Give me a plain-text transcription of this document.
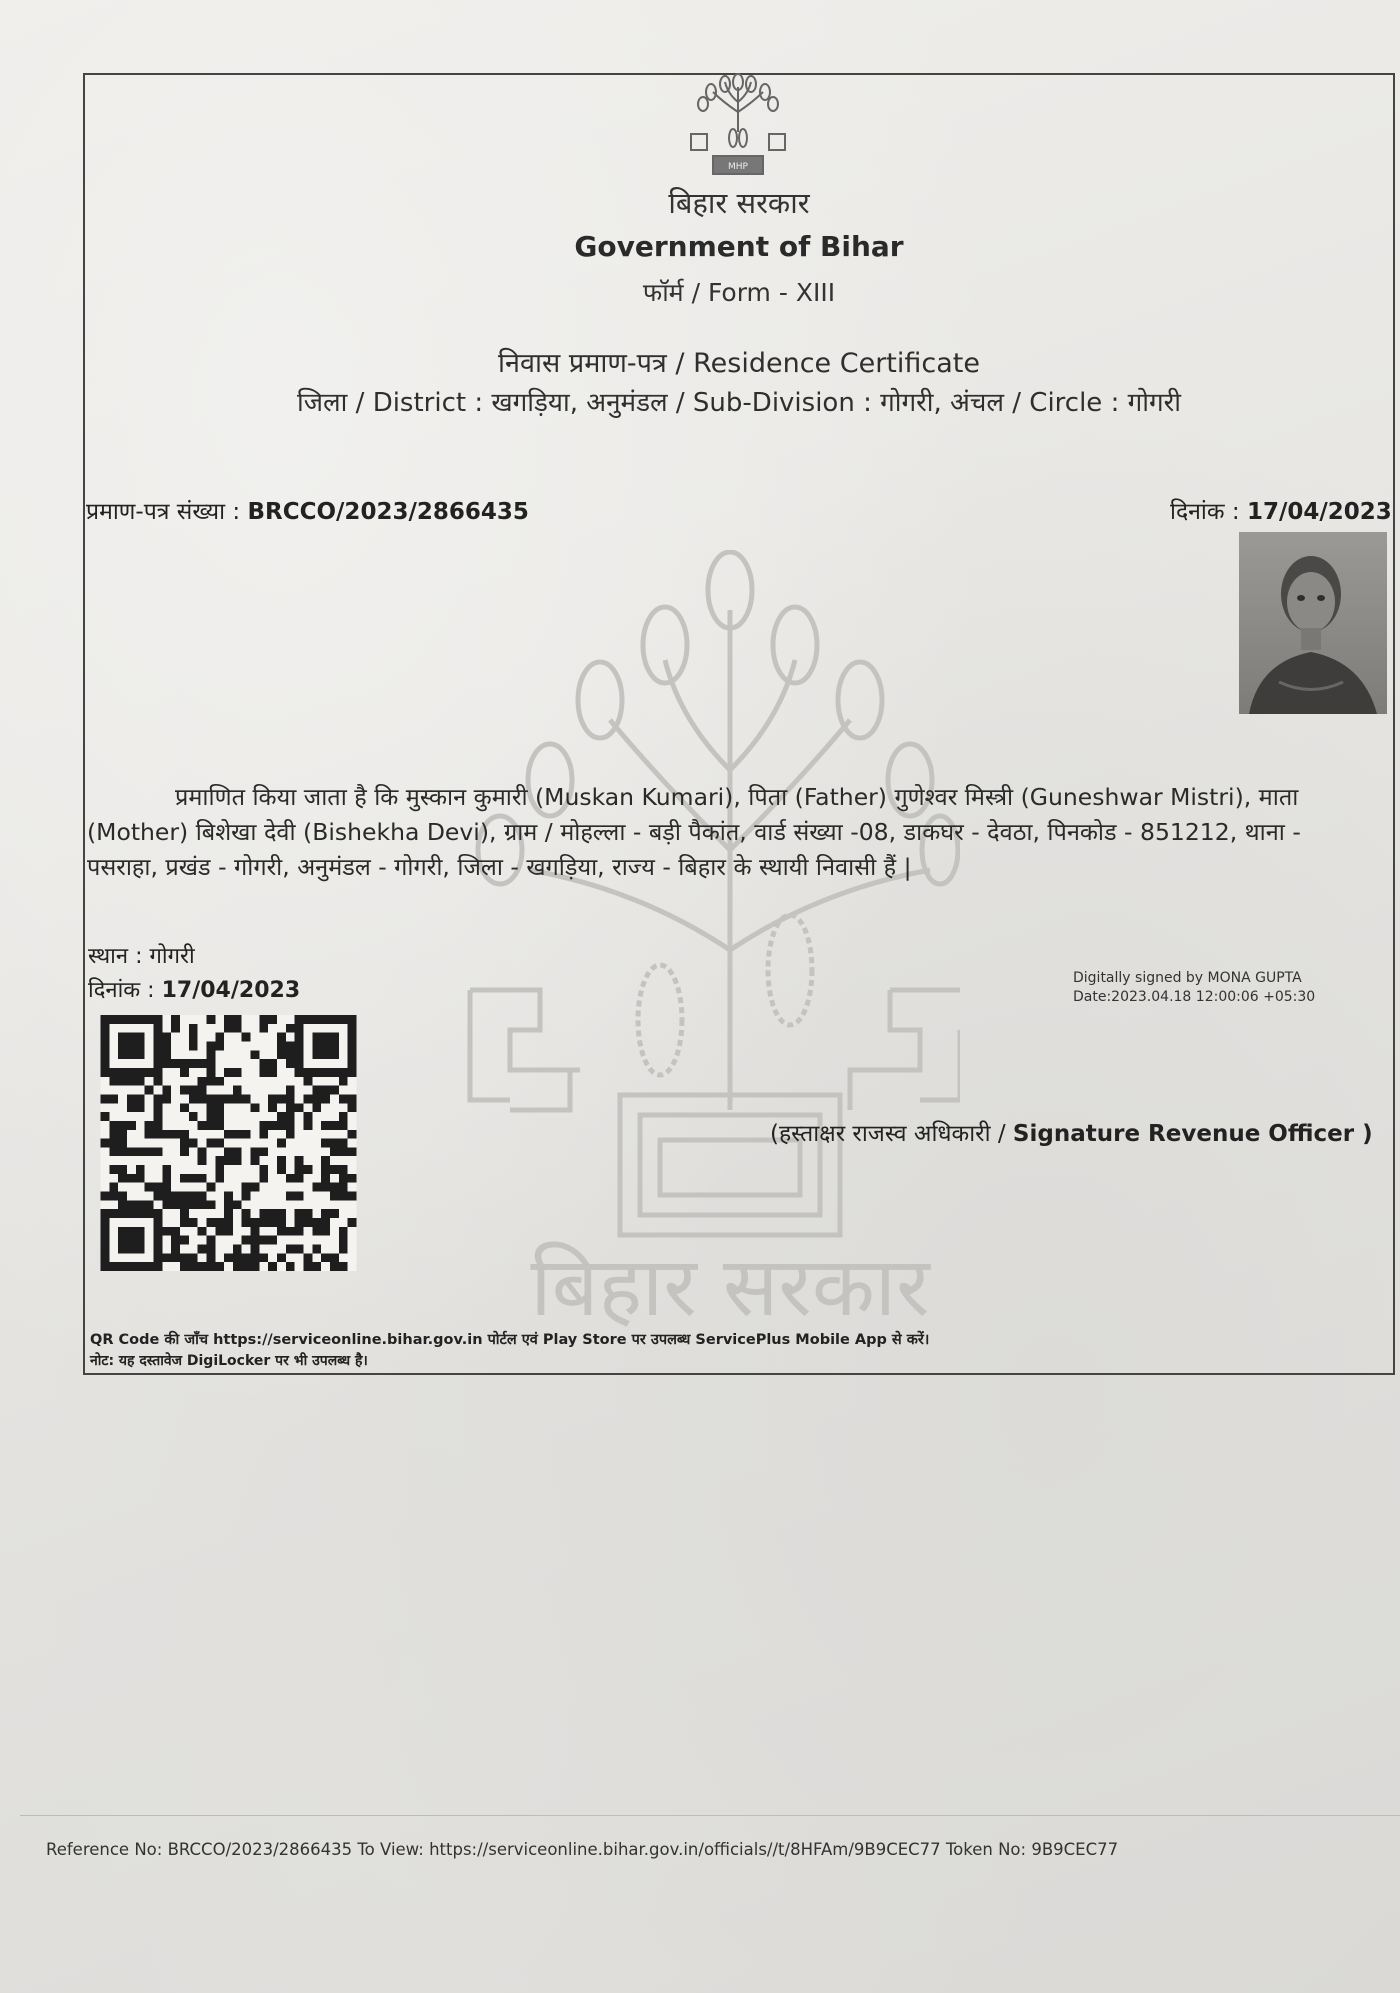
MHP
बिहार सरकार
बिहार सरकार
Government of Bihar
फॉर्म / Form - XIII
निवास प्रमाण-पत्र / Residence Certificate
जिला / District : खगड़िया, अनुमंडल / Sub-Division : गोगरी, अंचल / Circle : गोगरी
प्रमाण-पत्र संख्या : BRCCO/2023/2866435	दिनांक : 17/04/2023
प्रमाणित किया जाता है कि मुस्कान कुमारी (Muskan Kumari), पिता (Father) गुणेश्वर मिस्त्री (Guneshwar Mistri), माता
(Mother) बिशेखा देवी (Bishekha Devi), ग्राम / मोहल्ला - बड़ी पैकांत, वार्ड संख्या -08, डाकघर - देवठा, पिनकोड - 851212, थाना -
पसराहा, प्रखंड - गोगरी, अनुमंडल - गोगरी, जिला - खगड़िया, राज्य - बिहार के स्थायी निवासी हैं |
स्थान : गोगरी
दिनांक : 17/04/2023	Digitally signed by MONA GUPTA
Date:2023.04.18 12:00:06 +05:30
(हस्ताक्षर राजस्व अधिकारी / Signature Revenue Officer )
QR Code की जाँच https://serviceonline.bihar.gov.in पोर्टल एवं Play Store पर उपलब्ध ServicePlus Mobile App से करें।
नोट: यह दस्तावेज DigiLocker पर भी उपलब्ध है।
Reference No: BRCCO/2023/2866435 To View: https://serviceonline.bihar.gov.in/officials//t/8HFAm/9B9CEC77 Token No: 9B9CEC77
